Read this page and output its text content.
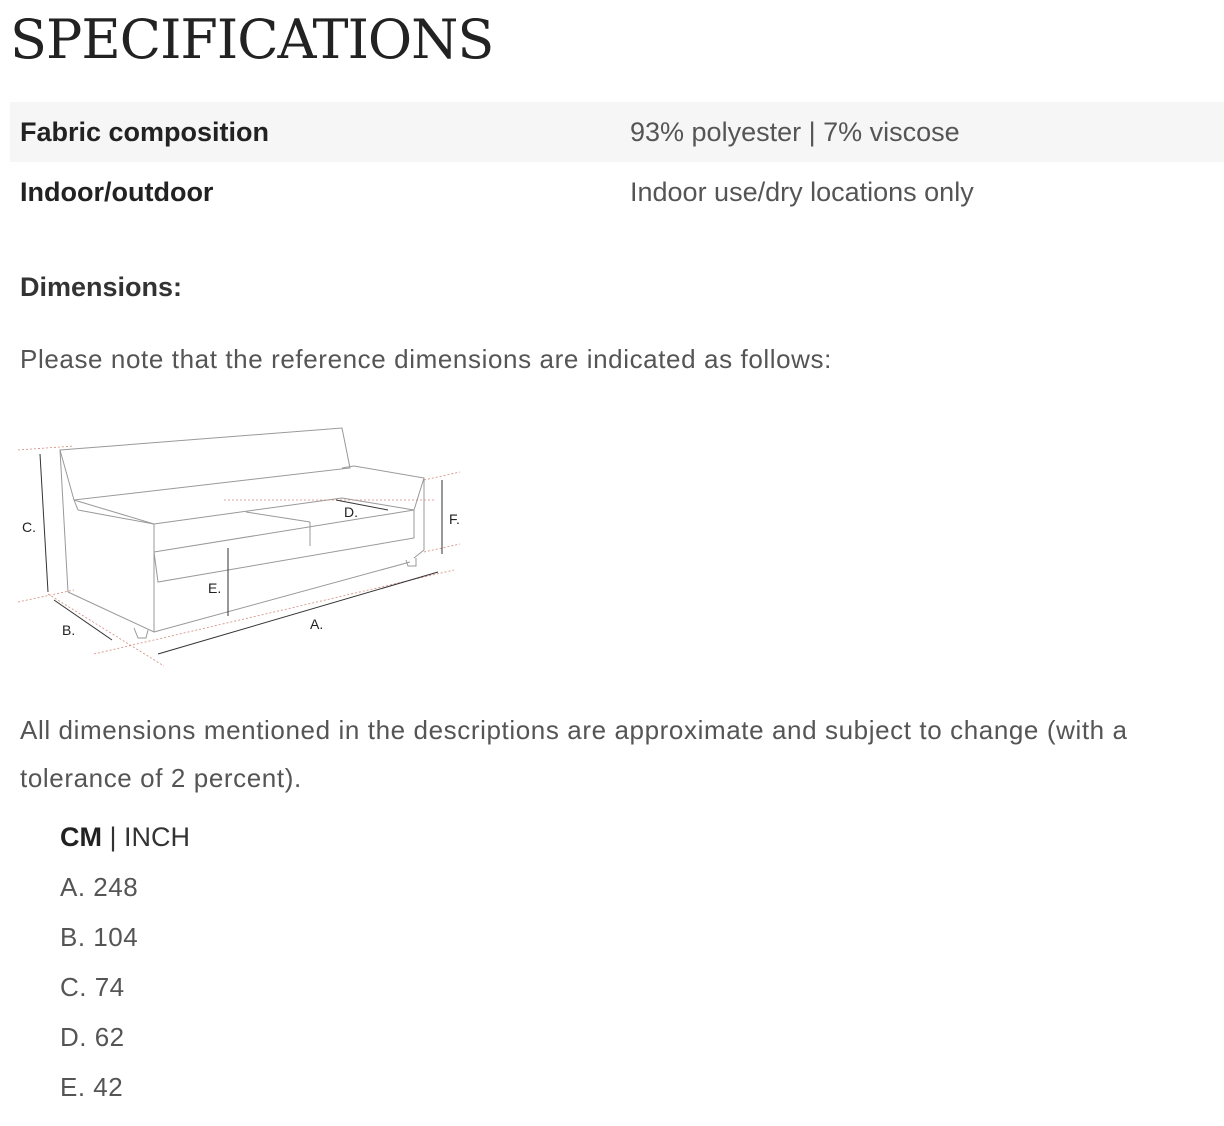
SPECIFICATIONS
Fabric composition	93% polyester | 7% viscose
Indoor/outdoor	Indoor use/dry locations only
Dimensions:

Please note that the reference dimensions are indicated as follows:

C.
B.	A.
E.
D.	F.

All dimensions mentioned in the descriptions are approximate and subject to change (with a tolerance of 2 percent).

CM | INCH
A. 248
B. 104
C. 74
D. 62
E. 42
